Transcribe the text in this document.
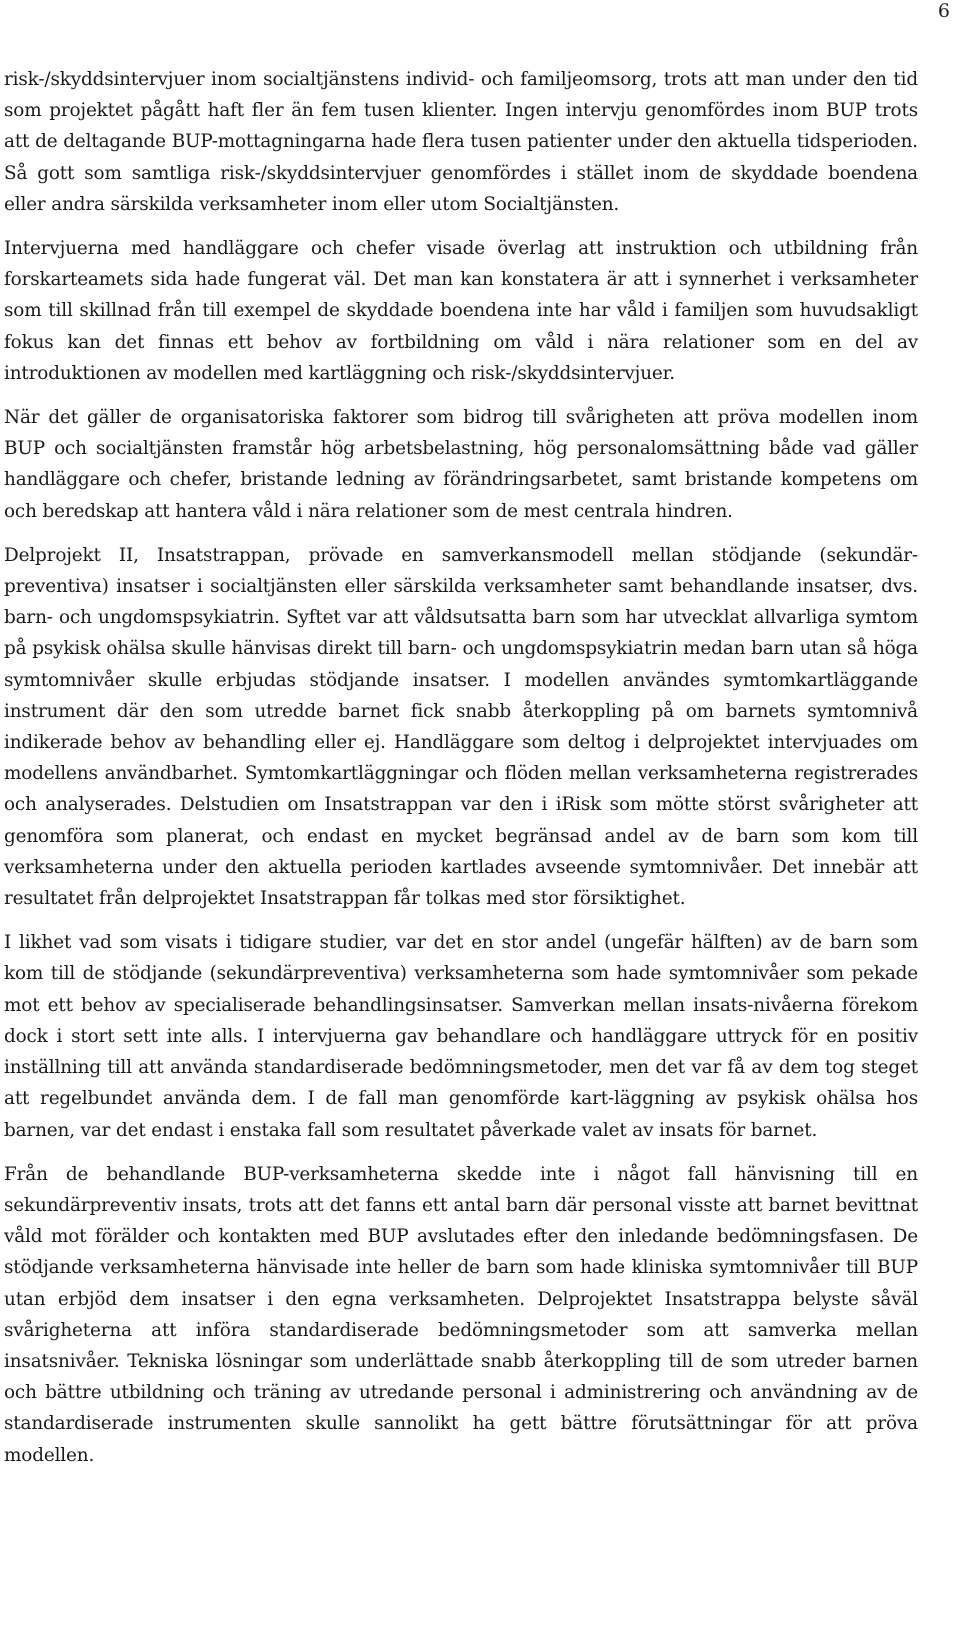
6

risk-/skyddsintervjuer inom socialtjänstens individ- och familjeomsorg, trots att man under den tid som projektet pågått haft fler än fem tusen klienter. Ingen intervju genomfördes inom BUP trots att de deltagande BUP-mottagningarna hade flera tusen patienter under den aktuella tidsperioden. Så gott som samtliga risk-/skyddsintervjuer genomfördes i stället inom de skyddade boendena eller andra särskilda verksamheter inom eller utom Socialtjänsten.

Intervjuerna med handläggare och chefer visade överlag att instruktion och utbildning från forskarteamets sida hade fungerat väl. Det man kan konstatera är att i synnerhet i verksamheter som till skillnad från till exempel de skyddade boendena inte har våld i familjen som huvudsakligt fokus kan det finnas ett behov av fortbildning om våld i nära relationer som en del av introduktionen av modellen med kartläggning och risk-/skyddsintervjuer.

När det gäller de organisatoriska faktorer som bidrog till svårigheten att pröva modellen inom BUP och socialtjänsten framstår hög arbetsbelastning, hög personalomsättning både vad gäller handläggare och chefer, bristande ledning av förändringsarbetet, samt bristande kompetens om och beredskap att hantera våld i nära relationer som de mest centrala hindren.

Delprojekt II, Insatstrappan, prövade en samverkansmodell mellan stödjande (sekundär-preventiva) insatser i socialtjänsten eller särskilda verksamheter samt behandlande insatser, dvs. barn- och ungdomspsykiatrin. Syftet var att våldsutsatta barn som har utvecklat allvarliga symtom på psykisk ohälsa skulle hänvisas direkt till barn- och ungdomspsykiatrin medan barn utan så höga symtomnivåer skulle erbjudas stödjande insatser. I modellen användes symtomkartläggande instrument där den som utredde barnet fick snabb återkoppling på om barnets symtomnivå indikerade behov av behandling eller ej. Handläggare som deltog i delprojektet intervjuades om modellens användbarhet. Symtomkartläggningar och flöden mellan verksamheterna registrerades och analyserades. Delstudien om Insatstrappan var den i iRisk som mötte störst svårigheter att genomföra som planerat, och endast en mycket begränsad andel av de barn som kom till verksamheterna under den aktuella perioden kartlades avseende symtomnivåer. Det innebär att resultatet från delprojektet Insatstrappan får tolkas med stor försiktighet.

I likhet vad som visats i tidigare studier, var det en stor andel (ungefär hälften) av de barn som kom till de stödjande (sekundärpreventiva) verksamheterna som hade symtomnivåer som pekade mot ett behov av specialiserade behandlingsinsatser. Samverkan mellan insats-nivåerna förekom dock i stort sett inte alls. I intervjuerna gav behandlare och handläggare uttryck för en positiv inställning till att använda standardiserade bedömningsmetoder, men det var få av dem tog steget att regelbundet använda dem. I de fall man genomförde kart-läggning av psykisk ohälsa hos barnen, var det endast i enstaka fall som resultatet påverkade valet av insats för barnet.

Från de behandlande BUP-verksamheterna skedde inte i något fall hänvisning till en sekundärpreventiv insats, trots att det fanns ett antal barn där personal visste att barnet bevittnat våld mot förälder och kontakten med BUP avslutades efter den inledande bedömningsfasen. De stödjande verksamheterna hänvisade inte heller de barn som hade kliniska symtomnivåer till BUP utan erbjöd dem insatser i den egna verksamheten. Delprojektet Insatstrappa belyste såväl svårigheterna att införa standardiserade bedömningsmetoder som att samverka mellan insatsnivåer. Tekniska lösningar som underlättade snabb återkoppling till de som utreder barnen och bättre utbildning och träning av utredande personal i administrering och användning av de standardiserade instrumenten skulle sannolikt ha gett bättre förutsättningar för att pröva modellen.
